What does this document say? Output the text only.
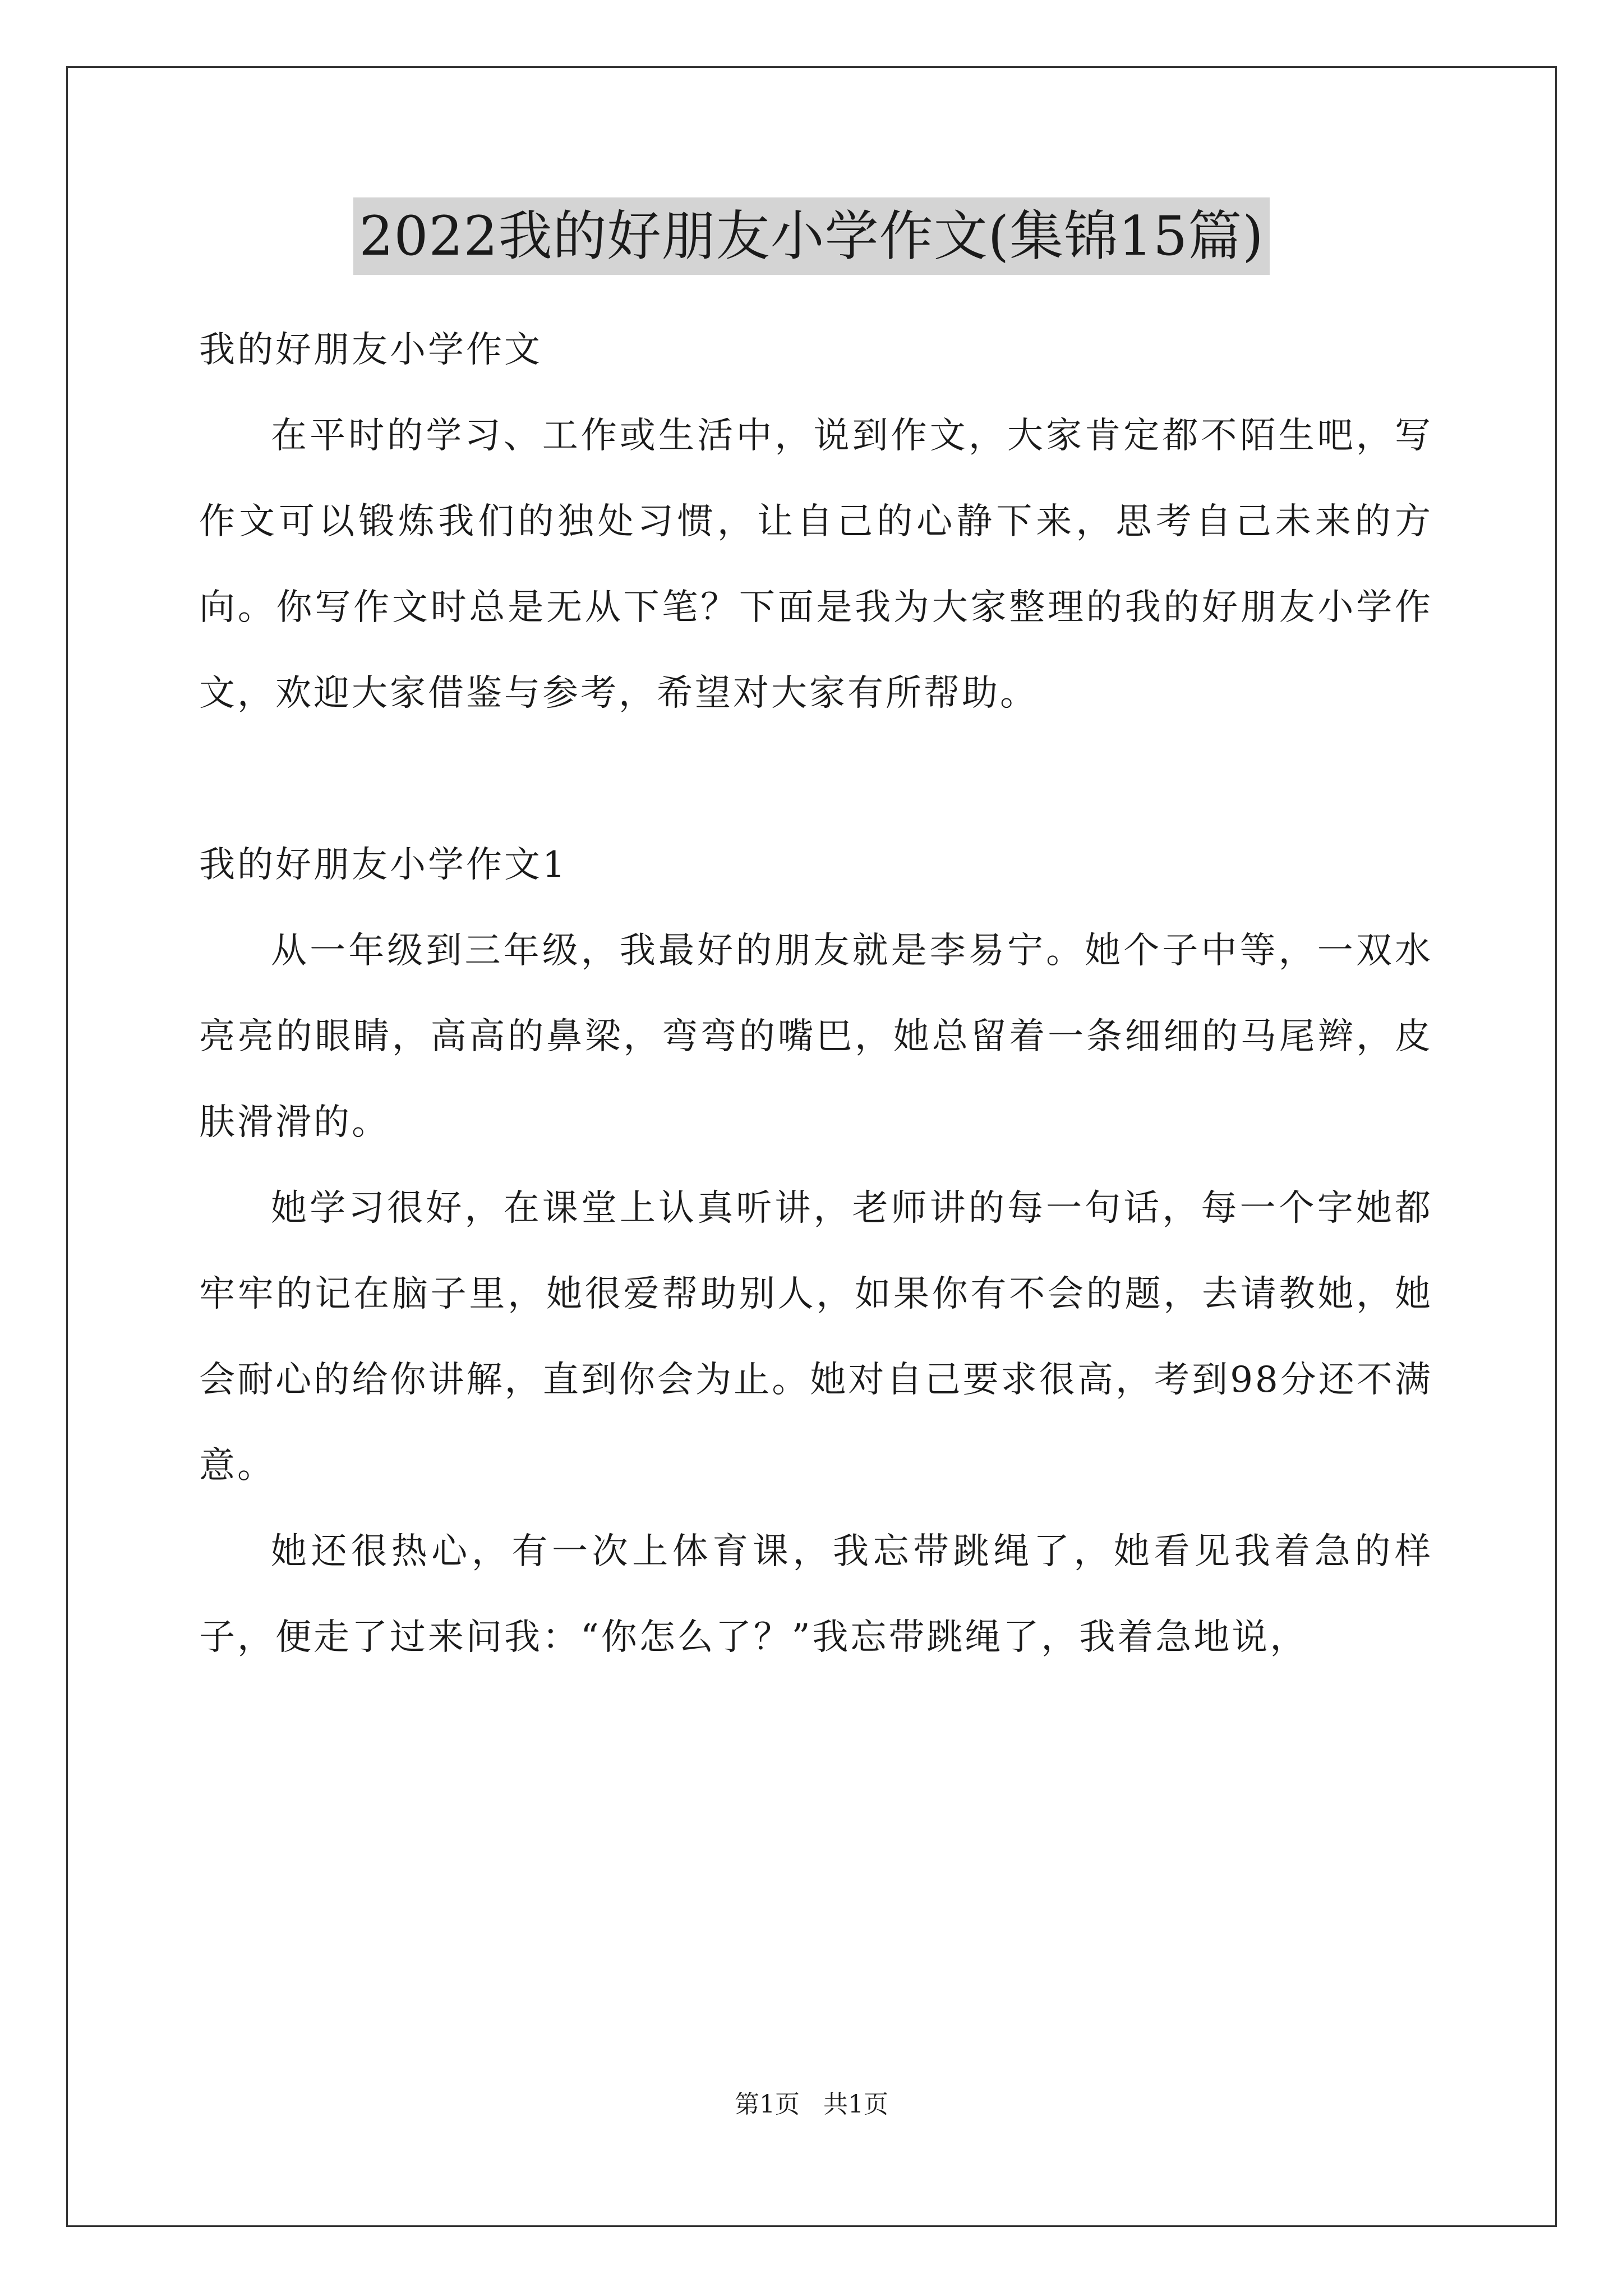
2022我的好朋友小学作文(集锦15篇)

我的好朋友小学作文

在平时的学习、工作或生活中，说到作文，大家肯定都不陌生吧，写作文可以锻炼我们的独处习惯，让自己的心静下来，思考自己未来的方向。你写作文时总是无从下笔？下面是我为大家整理的我的好朋友小学作文，欢迎大家借鉴与参考，希望对大家有所帮助。

我的好朋友小学作文1

从一年级到三年级，我最好的朋友就是李易宁。她个子中等，一双水亮亮的眼睛，高高的鼻梁，弯弯的嘴巴，她总留着一条细细的马尾辫，皮肤滑滑的。

她学习很好，在课堂上认真听讲，老师讲的每一句话，每一个字她都牢牢的记在脑子里，她很爱帮助别人，如果你有不会的题，去请教她，她会耐心的给你讲解，直到你会为止。她对自己要求很高，考到98分还不满意。

她还很热心，有一次上体育课，我忘带跳绳了，她看见我着急的样子，便走了过来问我：“你怎么了？”我忘带跳绳了，我着急地说，

第1页   共1页
